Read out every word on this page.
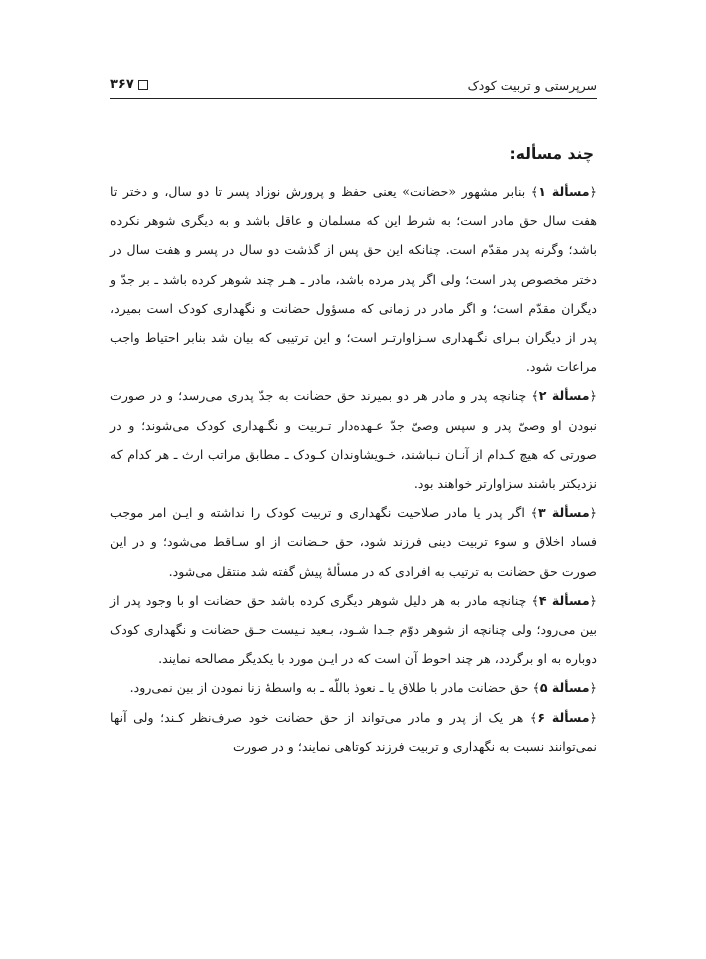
سرپرستی و تربیت کودک
۳۶۷
چند مسأله:

﴿مسألة ۱﴾ بنابر مشهور «حضانت» یعنی حفظ و پرورش نوزاد پسر تا دو سال، و دختر تا هفت سال حق مادر است؛ به شرط این که مسلمان و عاقل باشد و به دیگری شوهر نکرده باشد؛ وگرنه پدر مقدّم است. چنانکه این حق پس از گذشت دو سال در پسر و هفت سال در دختر مخصوص پدر است؛ ولی اگر پدر مرده باشد، مادر ـ هـر چند شوهر کرده باشد ـ بر جدّ و دیگران مقدّم است؛ و اگر مادر در زمانی که مسؤول حضانت و نگهداری کودک است بمیرد، پدر از دیگران بـرای نگـهداری سـزاوارتـر است؛ و این ترتیبی که بیان شد بنابر احتیاط واجب مراعات شود.

﴿مسألة ۲﴾ چنانچه پدر و مادر هر دو بمیرند حق حضانت به جدّ پدری می‌رسد؛ و در صورت نبودن او وصیّ پدر و سپس وصیّ جدّ عـهده‌دار تـربیت و نگـهداری کودک می‌شوند؛ و در صورتی که هیچ کـدام از آنـان نـباشند، خـویشاوندان کـودک ـ مطابق مراتب ارث ـ هر کدام که نزدیکتر باشند سزاوارتر خواهند بود.

﴿مسألة ۳﴾ اگر پدر یا مادر صلاحیت نگهداری و تربیت کودک را نداشته و ایـن امر موجب فساد اخلاق و سوء تربیت دینی فرزند شود، حق حـضانت از او سـاقط می‌شود؛ و در این صورت حق حضانت به ترتیب به افرادی که در مسألهٔ پیش گفته شد منتقل می‌شود.

﴿مسألة ۴﴾ چنانچه مادر به هر دلیل شوهر دیگری کرده باشد حق حضانت او با وجود پدر از بین می‌رود؛ ولی چنانچه از شوهر دوّم جـدا شـود، بـعید نـیست حـق حضانت و نگهداری کودک دوباره به او برگردد، هر چند احوط آن است که در ایـن مورد با یکدیگر مصالحه نمایند.

﴿مسألة ۵﴾ حق حضانت مادر با طلاق یا ـ نعوذ باللّه ـ به واسطهٔ زنا نمودن از بین نمی‌رود.

﴿مسألة ۶﴾ هر یک از پدر و مادر می‌تواند از حق حضانت خود صرف‌نظر کـند؛ ولی آنها نمی‌توانند نسبت به نگهداری و تربیت فرزند کوتاهی نمایند؛ و در صورت
